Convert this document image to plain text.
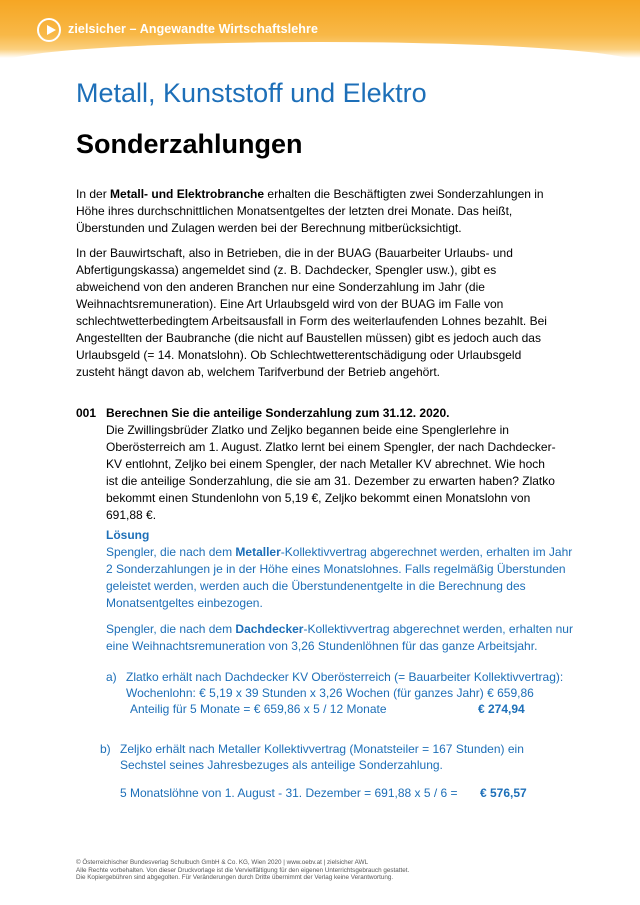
zielsicher – Angewandte Wirtschaftslehre
Metall, Kunststoff und Elektro
Sonderzahlungen

In der Metall- und Elektrobranche erhalten die Beschäftigten zwei Sonderzahlungen in Höhe ihres durchschnittlichen Monatsentgeltes der letzten drei Monate. Das heißt, Überstunden und Zulagen werden bei der Berechnung mitberücksichtigt.

In der Bauwirtschaft, also in Betrieben, die in der BUAG (Bauarbeiter Urlaubs- und Abfertigungskassa) angemeldet sind (z. B. Dachdecker, Spengler usw.), gibt es abweichend von den anderen Branchen nur eine Sonderzahlung im Jahr (die Weihnachtsremuneration). Eine Art Urlaubsgeld wird von der BUAG im Falle von schlechtwetterbedingtem Arbeitsausfall in Form des weiterlaufenden Lohnes bezahlt. Bei Angestellten der Baubranche (die nicht auf Baustellen müssen) gibt es jedoch auch das Urlaubsgeld (= 14. Monatslohn). Ob Schlechtwetterentschädigung oder Urlaubsgeld zusteht hängt davon ab, welchem Tarifverbund der Betrieb angehört.

001 Berechnen Sie die anteilige Sonderzahlung zum 31.12. 2020.

Die Zwillingsbrüder Zlatko und Zeljko begannen beide eine Spenglerlehre in Oberösterreich am 1. August. Zlatko lernt bei einem Spengler, der nach Dachdecker-KV entlohnt, Zeljko bei einem Spengler, der nach Metaller KV abrechnet. Wie hoch ist die anteilige Sonderzahlung, die sie am 31. Dezember zu erwarten haben? Zlatko bekommt einen Stundenlohn von 5,19 €, Zeljko bekommt einen Monatslohn von 691,88 €.

Lösung

Spengler, die nach dem Metaller-Kollektivvertrag abgerechnet werden, erhalten im Jahr 2 Sonderzahlungen je in der Höhe eines Monatslohnes. Falls regelmäßig Überstunden geleistet werden, werden auch die Überstundenentgelte in die Berechnung des Monatsentgeltes einbezogen.

Spengler, die nach dem Dachdecker-Kollektivvertrag abgerechnet werden, erhalten nur eine Weihnachtsremuneration von 3,26 Stundenlöhnen für das ganze Arbeitsjahr.

a) Zlatko erhält nach Dachdecker KV Oberösterreich (= Bauarbeiter Kollektivvertrag):
Wochenlohn: € 5,19 x 39 Stunden x 3,26 Wochen (für ganzes Jahr) € 659,86
Anteilig für 5 Monate = € 659,86 x 5 / 12 Monate	€ 274,94
b) Zeljko erhält nach Metaller Kollektivvertrag (Monatsteiler = 167 Stunden) ein
Sechstel seines Jahresbezuges als anteilige Sonderzahlung.
5 Monatslöhne von 1. August - 31. Dezember = 691,88 x 5 / 6 = € 576,57
© Österreichischer Bundesverlag Schulbuch GmbH & Co. KG, Wien 2020 | www.oebv.at | zielsicher AWL
Alle Rechte vorbehalten. Von dieser Druckvorlage ist die Vervielfältigung für den eigenen Unterrichtsgebrauch gestattet.
Die Kopiergebühren sind abgegolten. Für Veränderungen durch Dritte übernimmt der Verlag keine Verantwortung.
